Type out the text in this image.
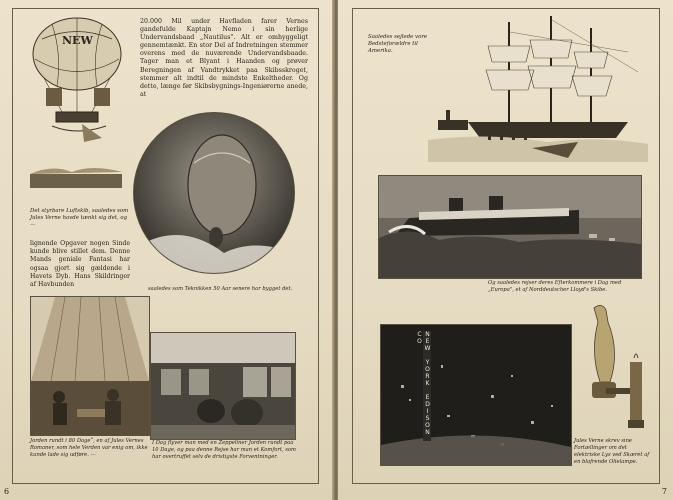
NEW
20.000 Mil under Havfladen farer Vernes gandefulde Kaptajn Nemo i sin herlige Undervandsbaad „Nautilus". Alt er omhyggeligt gennemtænkt. En stor Del af Indretningen stemmer overens med de nuværende Undervandsbaade. Tager man et Blyant i Haanden og prøver Beregningen af Vandtrykket paa Skibsskroget, stemmer alt indtil de mindste Enkeltheder. Og dette, længe før Skibsbygnings-Ingeniørerne anede, at
Det styrbare Luftskib, saaledes som Jules Verne havde tænkt sig det, og —
lignende Opgaver nogen Sinde kunde blive stillet dem. Denne Mands geniale Fantasi har ogsaa gjort sig gældende i Havets Dyb. Hans Skildringer af Havbunden
saaledes som Teknikken 50 Aar senere har bygget det.
Jorden rundt i 80 Dage“, en af Jules Vernes Romaner, som hele Verden var enig om, ikke kunde lade sig udføre. —
I Dag flyver man med en Zeppeliner Jorden rundt paa 10 Dage, og paa denne Rejse har man et Komfort, som har overtruffet selv de dristigste Forventninger.
6
Saaledes sejlede vore Bedsteforældre til Amerika.
Og saaledes rejser deres Efterkommere i Dag med „Europa", et af Norddeutscher Lloyd's Skibe.
NEW YORK EDISON CO
Jules Verne skrev sine Fortællinger om det elektriske Lys ved Skæret af en blafrende Olielampe.
7
